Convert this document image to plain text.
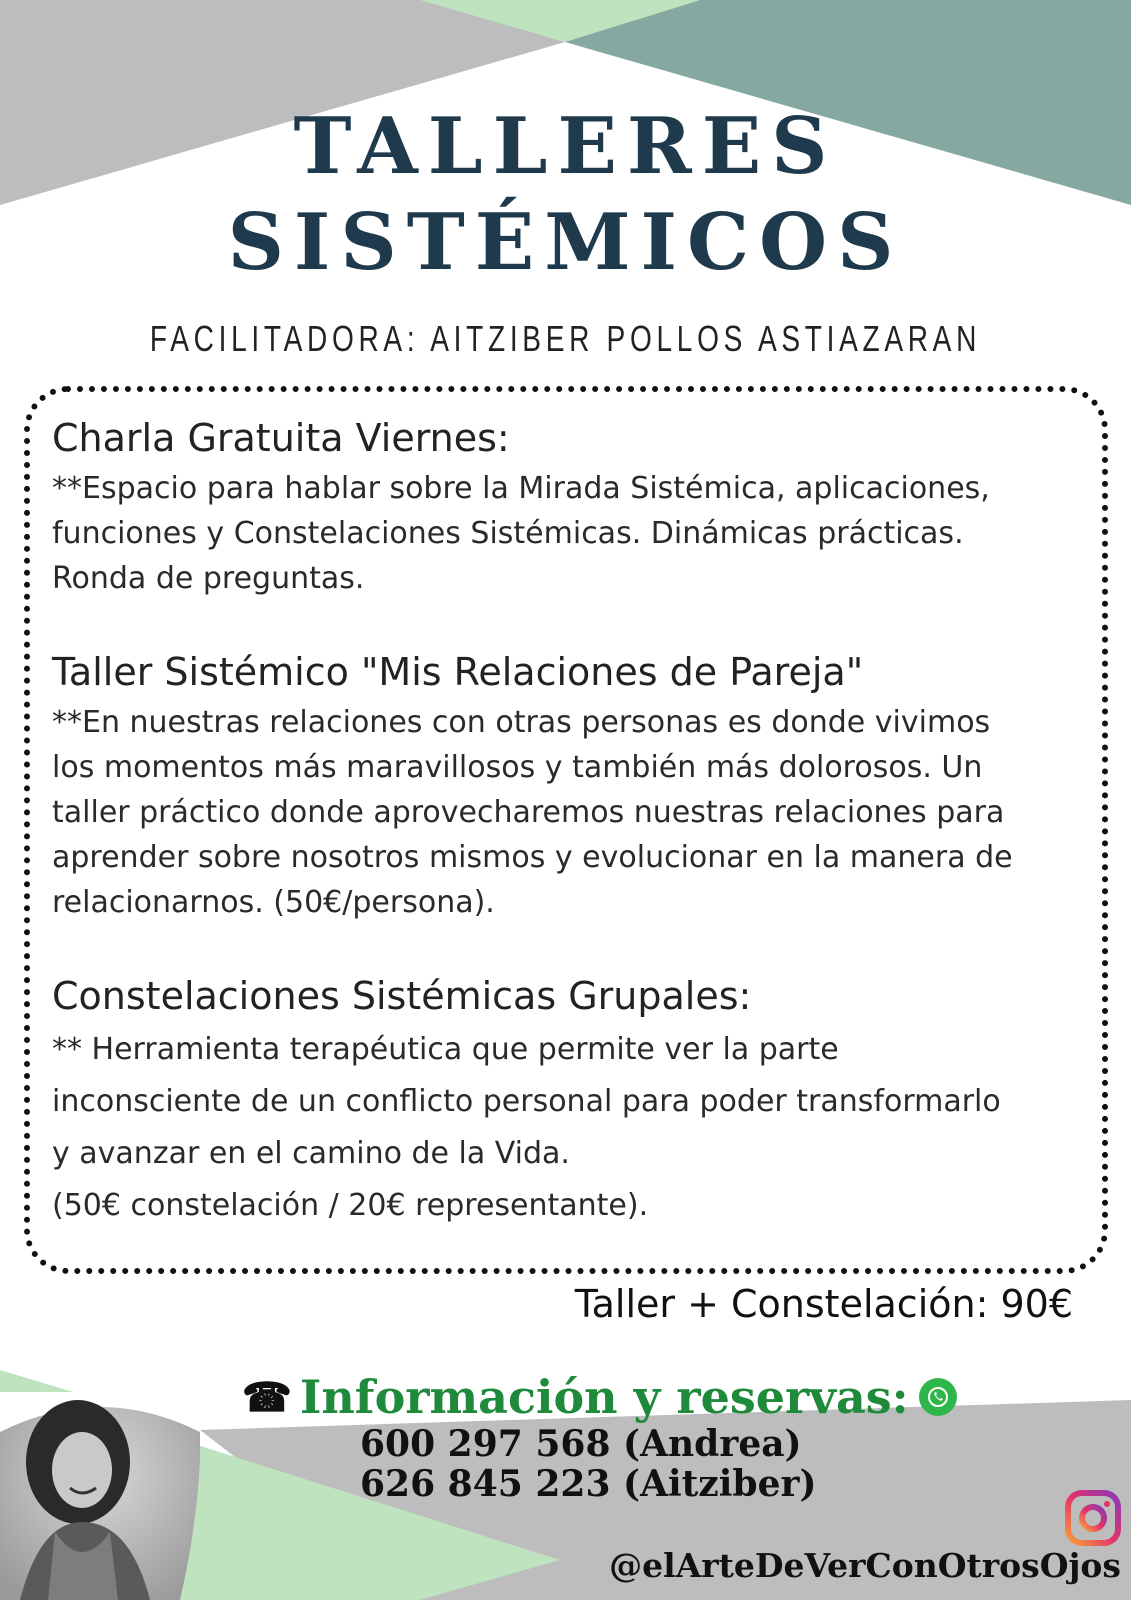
TALLERES
SISTÉMICOS
FACILITADORA: AITZIBER POLLOS ASTIAZARAN
Charla Gratuita Viernes:
**Espacio para hablar sobre la Mirada Sistémica, aplicaciones,
funciones y Constelaciones Sistémicas. Dinámicas prácticas.
Ronda de preguntas.
Taller Sistémico "Mis Relaciones de Pareja"
**En nuestras relaciones con otras personas es donde vivimos
los momentos más maravillosos y también más dolorosos. Un
taller práctico donde aprovecharemos nuestras relaciones para
aprender sobre nosotros mismos y evolucionar en la manera de
relacionarnos. (50€/persona).
Constelaciones Sistémicas Grupales:
** Herramienta terapéutica que permite ver la parte
inconsciente de un conflicto personal para poder transformarlo
y avanzar en el camino de la Vida.
(50€ constelación / 20€ representante).
Taller + Constelación: 90€
☎ Información y reservas:
600 297 568 (Andrea)
626 845 223 (Aitziber)
@elArteDeVerConOtrosOjos
